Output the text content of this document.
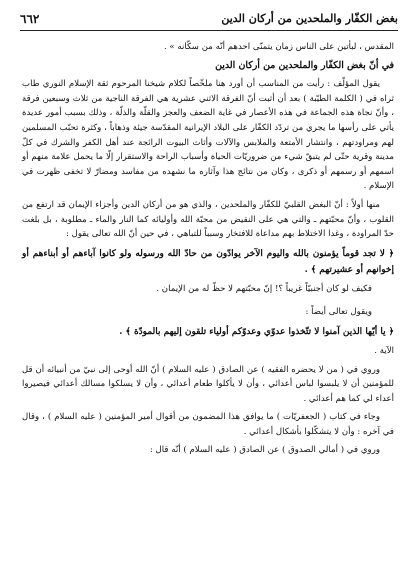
بغض الكفّار والملحدين من أركان الدين
٦٦٢

المقدس ، لبأتين على الناس زمان يتمنّى احدهم أنّه من سكّانه » .

في أنّ بغض الكفّار والملحدين من أركان الدين

يقول المؤلّف : رأيت من المناسب أن أورد هنا ملخّصاً لكلام شيخنا المرحوم ثقة الإسلام النوري طاب ثراه في ( الكلمة الطيّبة ) بعد أن أثبت أنّ الفرقة الاثني عشرية هي الفرقة الناجية من ثلاث وسبعين فرقة ، وأنّ نجاة هذه الجماعة في هذه الأعصار في غاية الضعف والعجز والقلّة والذلّة ، وذلك بسبب أمور عديدة يأتي على رأسها ما يجري من تردّد الكفّار على البلاد الإيرانية المقدّسة جيئة وذهاباً ، وكثرة تحبّب المسلمين لهم ومراودتهم ، وانتشار الأمتعة والملابس والآلات وأثاث البيوت الرائجة عند أهل الكفر والشرك في كلّ مدينة وقرية حتّى لم يتبقّ شيء من ضروريّات الحياة وأسباب الراحة والاستقرار إلّا ما يحمل علامة منهم أو اسمهم أو رسمهم أو ذكرى ، وكان من نتائج هذا وآثاره ما نشهده من مفاسد ومضارّ لا تخفى ظهرت في الإسلام .

منها أولاً : أنّ البغض القلبيّ للكفّار والملحدين ، والذي هو من أركان الدين وأجزاء الإيمان قد ارتفع من القلوب ، وأنّ محبّتهم ـ والتي هي على النقيض من محبّة الله وأوليائه كما النار والماء ـ مطلوبة ، بل بلغت حدّ المراودة ، وغدا الاختلاط بهم مداعاة للافتخار وسبباً للتباهي ، في حين أنّ الله تعالى يقول :

﴿ لا تجد قوماً يؤمنون بالله واليوم الآخر يوادّون من حادّ الله ورسوله ولو كانوا آباءهم أو أبناءهم أو إخوانهم أو عشيرتهم ﴾ .

فكيف لو كان أجنبيّاً غريباً ؟! إنّ محبّتهم لا حظّ له من الإيمان .

ويقول تعالى أيضاً :

﴿ يا أيّها الذين آمنوا لا تتّخذوا عدوّي وعدوّكم أولياء تلقون إليهم بالمودّة ﴾ .

الآية .

وروي في ( من لا يحضره الفقيه ) عن الصادق ( عليه السلام ) أنّ الله أوحى إلى نبيّ من أنبيائه أن قل للمؤمنين أن لا يلبسوا لباس أعدائي ، وأن لا يأكلوا طعام أعدائي ، وأن لا يسلكوا مسالك أعدائي فيصيروا أعداء لي كما هم أعدائي .

وجاء في كتاب ( الجعفريّات ) ما يوافق هذا المضمون من أقوال أمير المؤمنين ( عليه السلام ) ، وقال في آخره : وأن لا يتشكّلوا بأشكال أعدائي .

وروي في ( أمالي الصدوق ) عن الصادق ( عليه السلام ) أنّه قال :
